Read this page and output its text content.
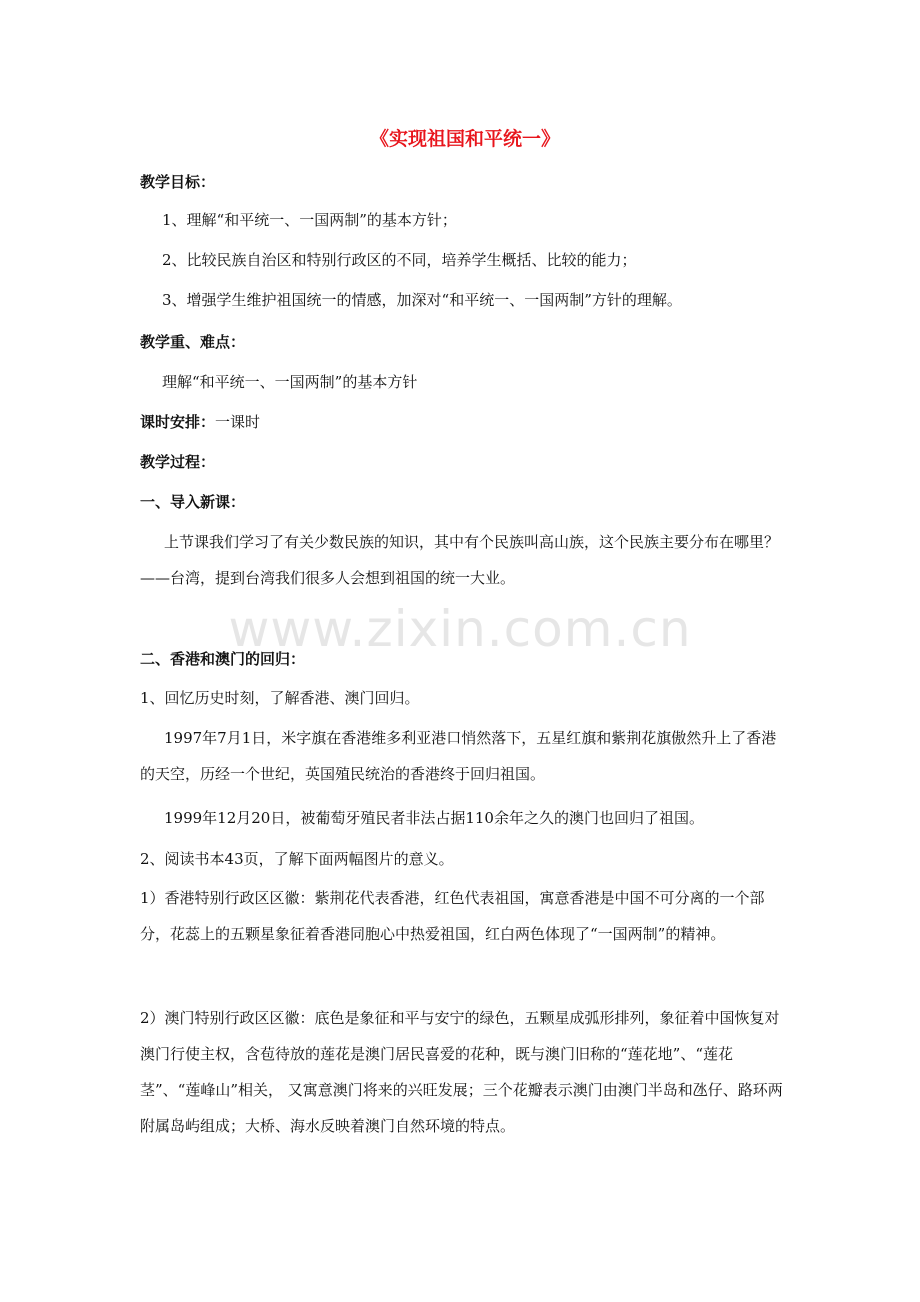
www.zixin.com.cn
《实现祖国和平统一》
教学目标：
1、理解“和平统一、一国两制”的基本方针；
2、比较民族自治区和特别行政区的不同，培养学生概括、比较的能力；
3、增强学生维护祖国统一的情感，加深对“和平统一、一国两制”方针的理解。
教学重、难点：
理解“和平统一、一国两制”的基本方针
课时安排：一课时
教学过程：
一、导入新课：
上节课我们学习了有关少数民族的知识，其中有个民族叫高山族，这个民族主要分布在哪里？——台湾，提到台湾我们很多人会想到祖国的统一大业。
二、香港和澳门的回归：
1、回忆历史时刻，了解香港、澳门回归。
1997年7月1日，米字旗在香港维多利亚港口悄然落下，五星红旗和紫荆花旗傲然升上了香港的天空，历经一个世纪，英国殖民统治的香港终于回归祖国。
1999年12月20日，被葡萄牙殖民者非法占据110余年之久的澳门也回归了祖国。
2、阅读书本43页，了解下面两幅图片的意义。
1）香港特别行政区区徽：紫荆花代表香港，红色代表祖国，寓意香港是中国不可分离的一个部分，花蕊上的五颗星象征着香港同胞心中热爱祖国，红白两色体现了“一国两制”的精神。
2）澳门特别行政区区徽：底色是象征和平与安宁的绿色，五颗星成弧形排列，象征着中国恢复对澳门行使主权，含苞待放的莲花是澳门居民喜爱的花种，既与澳门旧称的“莲花地”、“莲花茎”、“莲峰山”相关， 又寓意澳门将来的兴旺发展；三个花瓣表示澳门由澳门半岛和氹仔、路环两附属岛屿组成；大桥、海水反映着澳门自然环境的特点。
